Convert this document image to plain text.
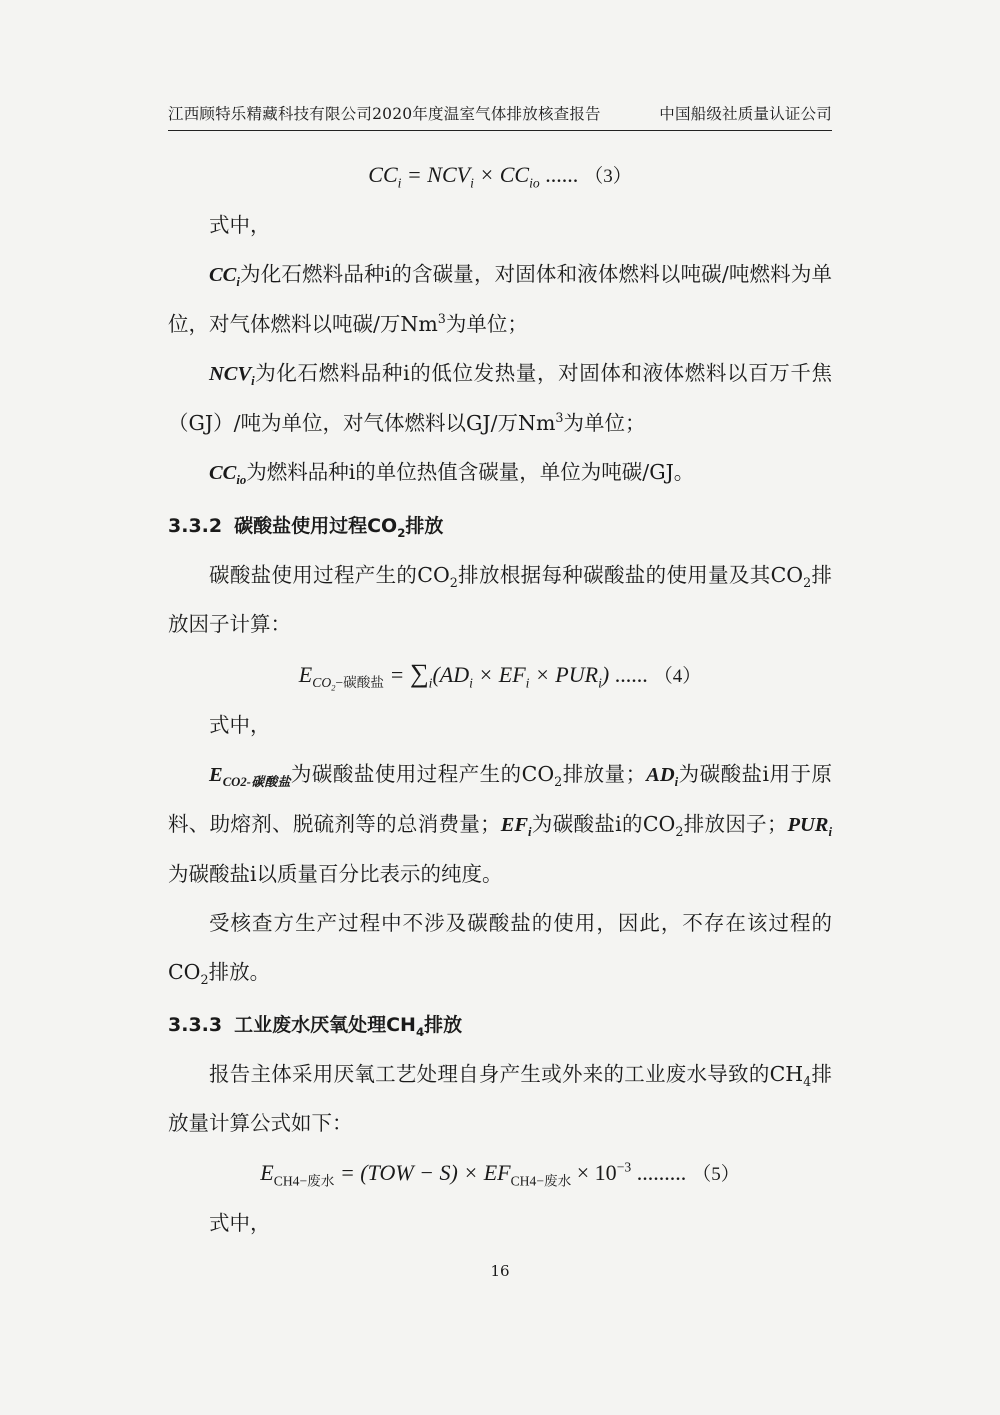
江西顾特乐精藏科技有限公司2020年度温室气体排放核查报告	中国船级社质量认证公司

$CC_i = NCV_i \times CC_{io}$ ...... （3）

式中，

$CC_i$为化石燃料品种i的含碳量，对固体和液体燃料以吨碳/吨燃料为单位，对气体燃料以吨碳/万Nm$^3$为单位；

$NCV_i$为化石燃料品种i的低位发热量，对固体和液体燃料以百万千焦（GJ）/吨为单位，对气体燃料以GJ/万Nm$^3$为单位；

$CC_{io}$为燃料品种i的单位热值含碳量，单位为吨碳/GJ。

3.3.2 碳酸盐使用过程$CO_2$排放

碳酸盐使用过程产生的$CO_2$排放根据每种碳酸盐的使用量及其$CO_2$排放因子计算：

$E_{CO_2-碳酸盐} = \sum_i(AD_i \times EF_i \times PUR_i)$ ...... （4）

式中，

$E_{CO2-碳酸盐}$为碳酸盐使用过程产生的$CO_2$排放量；$AD_i$为碳酸盐i用于原料、助熔剂、脱硫剂等的总消费量；$EF_i$为碳酸盐i的$CO_2$排放因子；$PUR_i$为碳酸盐i以质量百分比表示的纯度。

受核查方生产过程中不涉及碳酸盐的使用，因此，不存在该过程的$CO_2$排放。

3.3.3 工业废水厌氧处理$CH_4$排放

报告主体采用厌氧工艺处理自身产生或外来的工业废水导致的$CH_4$排放量计算公式如下：

$E_{CH4-废水} = (TOW - S) \times EF_{CH4-废水} \times 10^{-3}$ ......... （5）

式中，

16
